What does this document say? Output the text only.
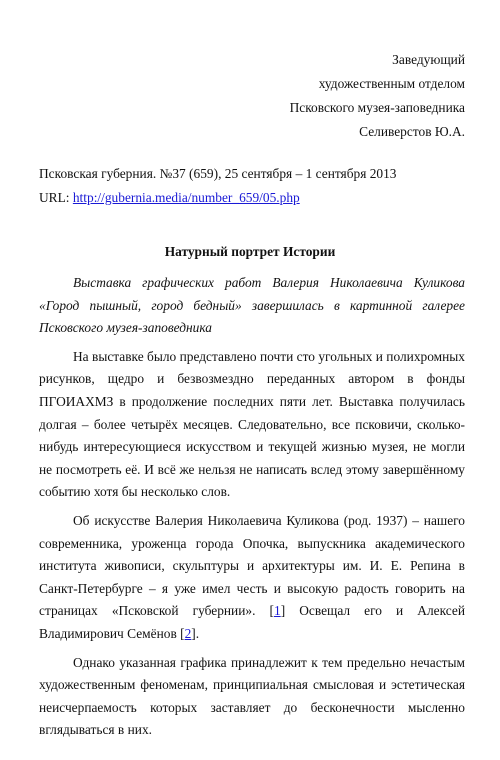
Заведующий
художественным отделом
Псковского музея-заповедника
Селиверстов Ю.А.
Псковская губерния. №37 (659), 25 сентября – 1 сентября 2013
URL: http://gubernia.media/number_659/05.php
Натурный портрет Истории

Выставка графических работ Валерия Николаевича Куликова «Город пышный, город бедный» завершилась в картинной галерее Псковского музея-заповедника

На выставке было представлено почти сто угольных и полихромных рисунков, щедро и безвозмездно переданных автором в фонды ПГОИАХМЗ в продолжение последних пяти лет. Выставка получилась долгая – более четырёх месяцев. Следовательно, все псковичи, сколько-нибудь интересующиеся искусством и текущей жизнью музея, не могли не посмотреть её. И всё же нельзя не написать вслед этому завершённому событию хотя бы несколько слов.

Об искусстве Валерия Николаевича Куликова (род. 1937) – нашего современника, уроженца города Опочка, выпускника академического института живописи, скульптуры и архитектуры им. И. Е. Репина в Санкт-Петербурге – я уже имел честь и высокую радость говорить на страницах «Псковской губернии». [1] Освещал его и Алексей Владимирович Семёнов [2].

Однако указанная графика принадлежит к тем предельно нечастым художественным феноменам, принципиальная смысловая и эстетическая неисчерпаемость которых заставляет до бесконечности мысленно вглядываться в них.
